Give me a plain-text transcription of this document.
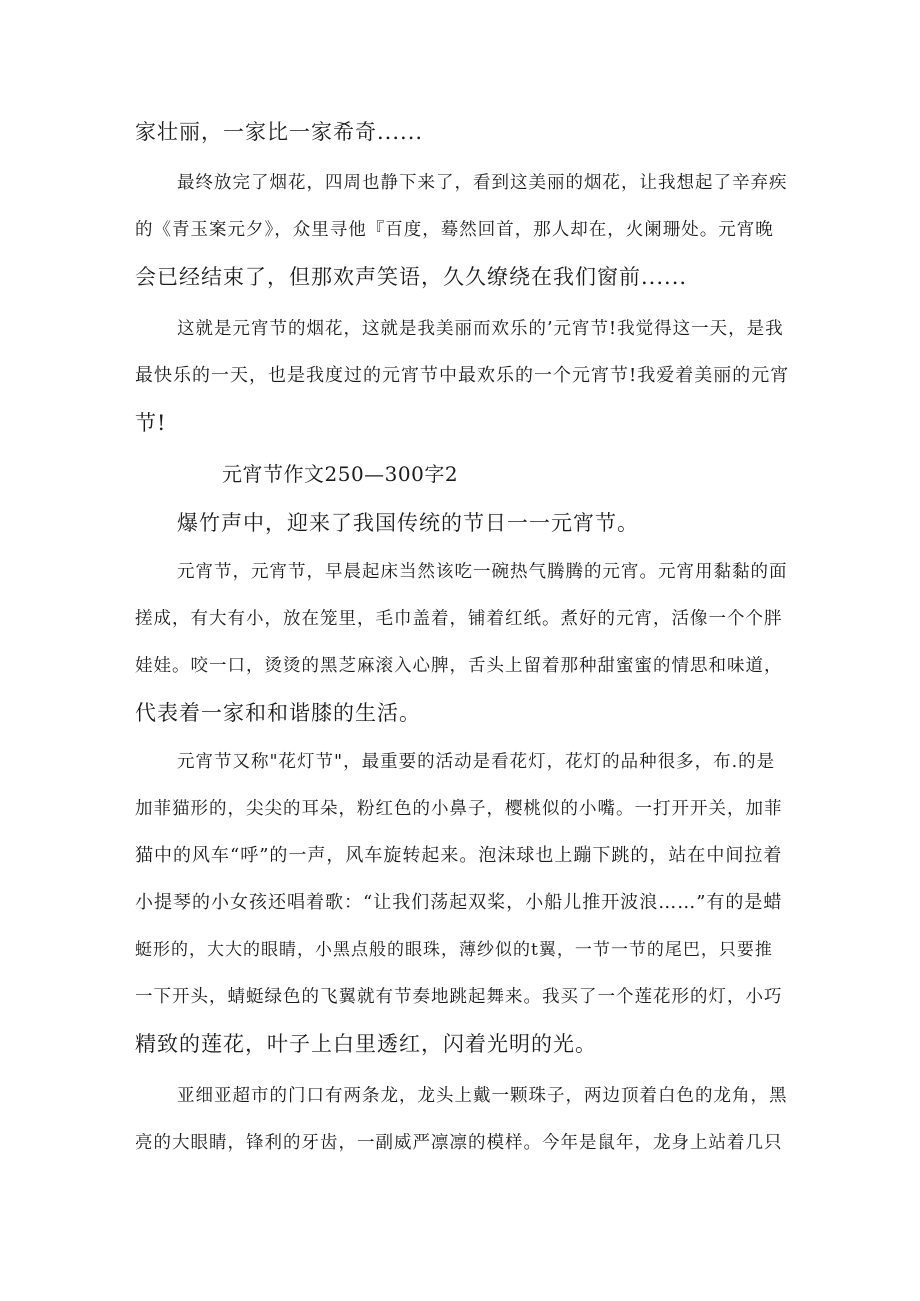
家壮丽，一家比一家希奇......
最终放完了烟花，四周也静下来了，看到这美丽的烟花，让我想起了辛弃疾
的《青玉案元夕》，众里寻他『百度，蓦然回首，那人却在，火阑珊处。元宵晚
会已经结束了，但那欢声笑语，久久缭绕在我们窗前......
这就是元宵节的烟花，这就是我美丽而欢乐的’元宵节!我觉得这一天，是我
最快乐的一天，也是我度过的元宵节中最欢乐的一个元宵节!我爱着美丽的元宵
节!
元宵节作文250—300字2
爆竹声中，迎来了我国传统的节日一一元宵节。
元宵节，元宵节，早晨起床当然该吃一碗热气腾腾的元宵。元宵用黏黏的面
搓成，有大有小，放在笼里，毛巾盖着，铺着红纸。煮好的元宵，活像一个个胖
娃娃。咬一口，烫烫的黑芝麻滚入心脾，舌头上留着那种甜蜜蜜的情思和味道，
代表着一家和和谐膝的生活。
元宵节又称"花灯节"，最重要的活动是看花灯，花灯的品种很多，布.的是
加菲猫形的，尖尖的耳朵，粉红色的小鼻子，樱桃似的小嘴。一打开开关，加菲
猫中的风车“呼”的一声，风车旋转起来。泡沫球也上蹦下跳的，站在中间拉着
小提琴的小女孩还唱着歌：“让我们荡起双桨，小船儿推开波浪……”有的是蜡
蜓形的，大大的眼睛，小黑点般的眼珠，薄纱似的t翼，一节一节的尾巴，只要推
一下开头，蜻蜓绿色的飞翼就有节奏地跳起舞来。我买了一个莲花形的灯，小巧
精致的莲花，叶子上白里透红，闪着光明的光。
亚细亚超市的门口有两条龙，龙头上戴一颗珠子，两边顶着白色的龙角，黑
亮的大眼睛，锋利的牙齿，一副威严凛凛的模样。今年是鼠年，龙身上站着几只
